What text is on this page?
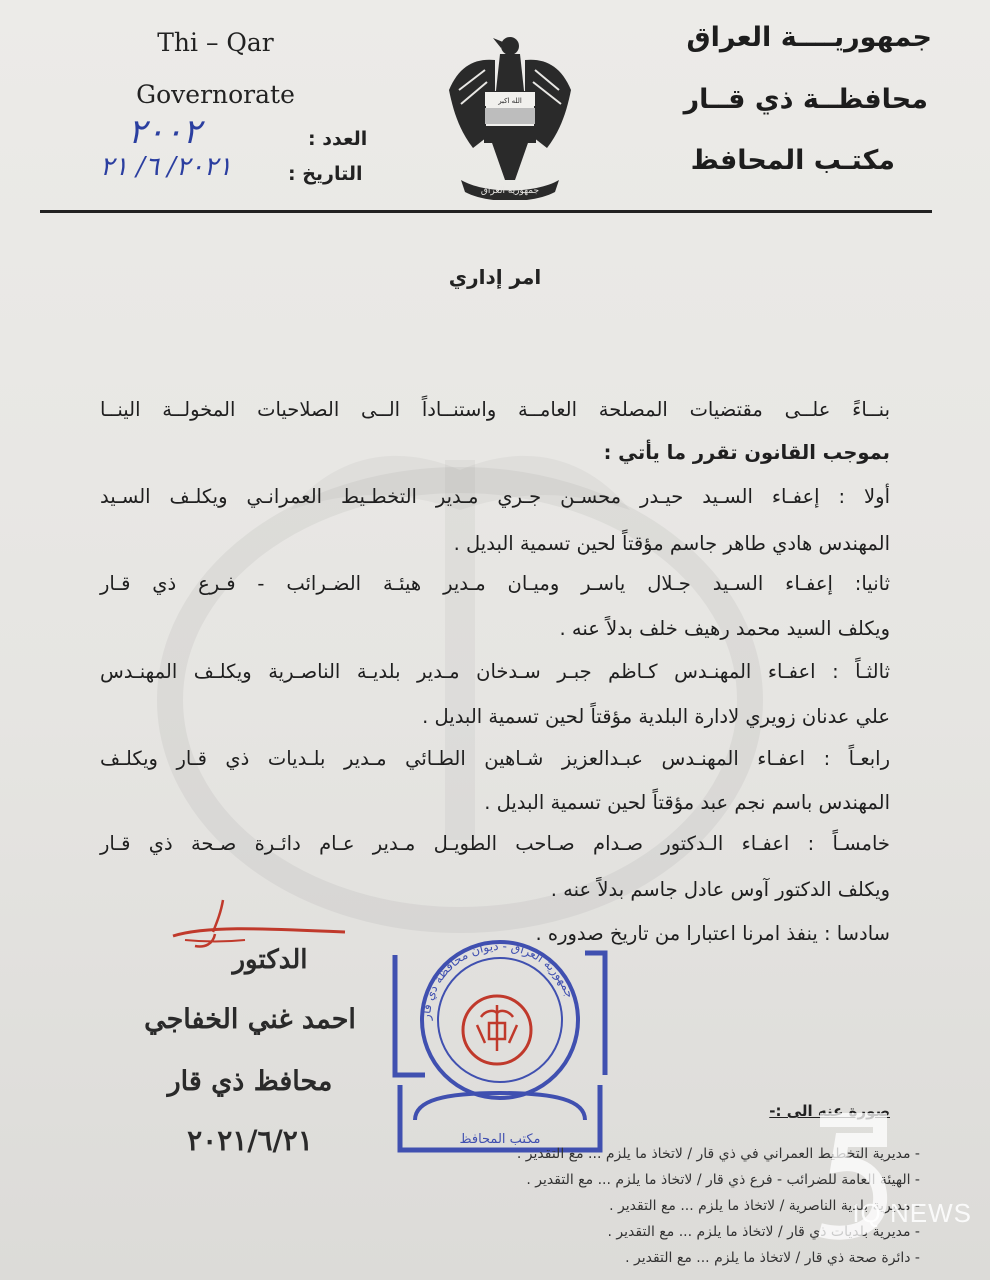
جمهوريــــة العراق
محافظــة ذي قــار
مكتـب المحافظ
Thi – Qar
Governorate
العدد :
٢٠٠٢
التاريخ :
٢٠٢١/ ٦/ ٢١
الله اكبر
جمهورية العراق
امر إداري
بنــاءً علــى مقتضيات المصلحة العامــة واستنــاداً الــى الصلاحيات المخولــة الينــا
بموجب القانون تقرر ما يأتي :
أولا : إعفـاء السـيد حيـدر محسـن جـري مـدير التخطـيط العمرانـي ويكلـف السـيد
المهندس هادي طاهر جاسم مؤقتاً لحين تسمية البديل .
ثانيا: إعفـاء السـيد جـلال ياسـر وميـان مـدير هيئـة الضـرائب - فـرع ذي قـار
ويكلف السيد محمد رهيف خلف بدلاً عنه .
ثالثـاً : اعفـاء المهنـدس كـاظم جبـر سـدخان مـدير بلديـة الناصـرية ويكلـف المهنـدس
علي عدنان زويري لادارة البلدية مؤقتاً لحين تسمية البديل .
رابعـاً : اعفـاء المهنـدس عبـدالعزيز شـاهين الطـائي مـدير بلـديات ذي قـار ويكلـف
المهندس باسم نجم عبد مؤقتاً لحين تسمية البديل .
خامسـاً : اعفـاء الـدكتور صـدام صـاحب الطويـل مـدير عـام دائـرة صـحة ذي قـار
ويكلف الدكتور آوس عادل جاسم بدلاً عنه .
سادسا : ينفذ امرنا اعتبارا من تاريخ صدوره .
الدكتور
احمد غني الخفاجي
محافظ ذي قار
٢٠٢١/٦/٢١
جمهورية العراق - ديوان محافظة ذي قار
مكتب المحافظ
صورة عنه الى :-
- مديرية التخطيط العمراني في ذي قار / لاتخاذ ما يلزم ... مع التقدير .
- الهيئة العامة للضرائب - فرع ذي قار / لاتخاذ ما يلزم ... مع التقدير .
- مديرية بلدية الناصرية / لاتخاذ ما يلزم ... مع التقدير .
- مديرية بلديات ذي قار / لاتخاذ ما يلزم ... مع التقدير .
- دائرة صحة ذي قار / لاتخاذ ما يلزم ... مع التقدير .
IQ NEWS
